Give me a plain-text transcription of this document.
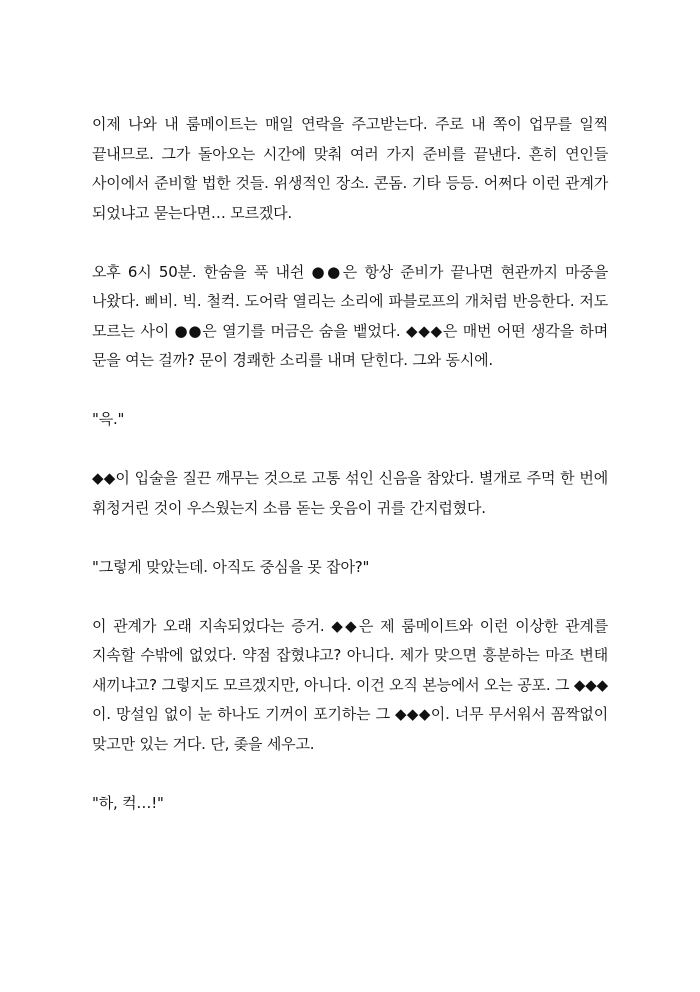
이제 나와 내 룸메이트는 매일 연락을 주고받는다. 주로 내 쪽이 업무를 일찍 끝내므로. 그가 돌아오는 시간에 맞춰 여러 가지 준비를 끝낸다. 흔히 연인들 사이에서 준비할 법한 것들. 위생적인 장소. 콘돔. 기타 등등. 어쩌다 이런 관계가 되었냐고 묻는다면… 모르겠다.

오후 6시 50분. 한숨을 푹 내쉰 ●●은 항상 준비가 끝나면 현관까지 마중을 나왔다. 삐비. 빅. 철컥. 도어락 열리는 소리에 파블로프의 개처럼 반응한다. 저도 모르는 사이 ●●은 열기를 머금은 숨을 뱉었다. ◆◆◆은 매번 어떤 생각을 하며 문을 여는 걸까? 문이 경쾌한 소리를 내며 닫힌다. 그와 동시에.

"윽."

◆◆이 입술을 질끈 깨무는 것으로 고통 섞인 신음을 참았다. 별개로 주먹 한 번에 휘청거린 것이 우스웠는지 소름 돋는 웃음이 귀를 간지럽혔다.

"그렇게 맞았는데. 아직도 중심을 못 잡아?"

이 관계가 오래 지속되었다는 증거. ◆◆은 제 룸메이트와 이런 이상한 관계를 지속할 수밖에 없었다. 약점 잡혔냐고? 아니다. 제가 맞으면 흥분하는 마조 변태 새끼냐고? 그렇지도 모르겠지만, 아니다. 이건 오직 본능에서 오는 공포. 그 ◆◆◆이. 망설임 없이 눈 하나도 기꺼이 포기하는 그 ◆◆◆이. 너무 무서워서 꼼짝없이 맞고만 있는 거다. 단, 좆을 세우고.

"하, 컥…!"
